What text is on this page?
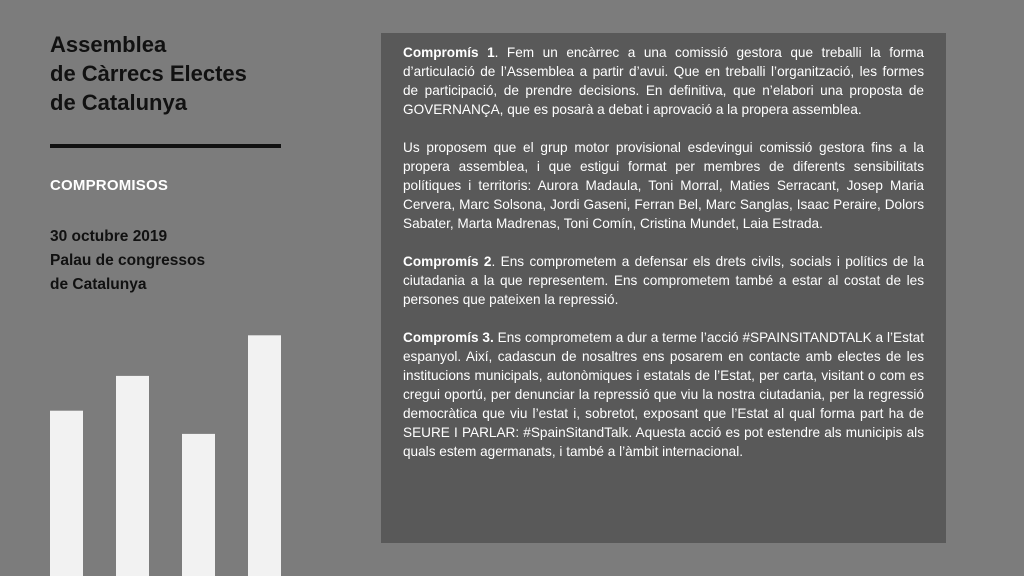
Assemblea
de Càrrecs Electes
de Catalunya
COMPROMISOS
30 octubre 2019
Palau de congressos
de Catalunya

Compromís 1. Fem un encàrrec a una comissió gestora que treballi la forma d’articulació de l’Assemblea a partir d’avui. Que en treballi l’organització, les formes de participació, de prendre decisions. En definitiva, que n’elabori una proposta de GOVERNANÇA, que es posarà a debat i aprovació a la propera assemblea.

Us proposem que el grup motor provisional esdevingui comissió gestora fins a la propera assemblea, i que estigui format per membres de diferents sensibilitats polítiques i territoris: Aurora Madaula, Toni Morral, Maties Serracant, Josep Maria Cervera, Marc Solsona, Jordi Gaseni, Ferran Bel, Marc Sanglas, Isaac Peraire, Dolors Sabater, Marta Madrenas, Toni Comín, Cristina Mundet, Laia Estrada.

Compromís 2. Ens comprometem a defensar els drets civils, socials i polítics de la ciutadania a la que representem. Ens comprometem també a estar al costat de les persones que pateixen la repressió.

Compromís 3. Ens comprometem a dur a terme l’acció #SPAINSITANDTALK a l’Estat espanyol. Així, cadascun de nosaltres ens posarem en contacte amb electes de les institucions municipals, autonòmiques i estatals de l’Estat, per carta, visitant o com es cregui oportú, per denunciar la repressió que viu la nostra ciutadania, per la regressió democràtica que viu l’estat i, sobretot, exposant que l’Estat al qual forma part ha de SEURE I PARLAR: #SpainSitandTalk. Aquesta acció es pot estendre als municipis als quals estem agermanats, i també a l’àmbit internacional.
